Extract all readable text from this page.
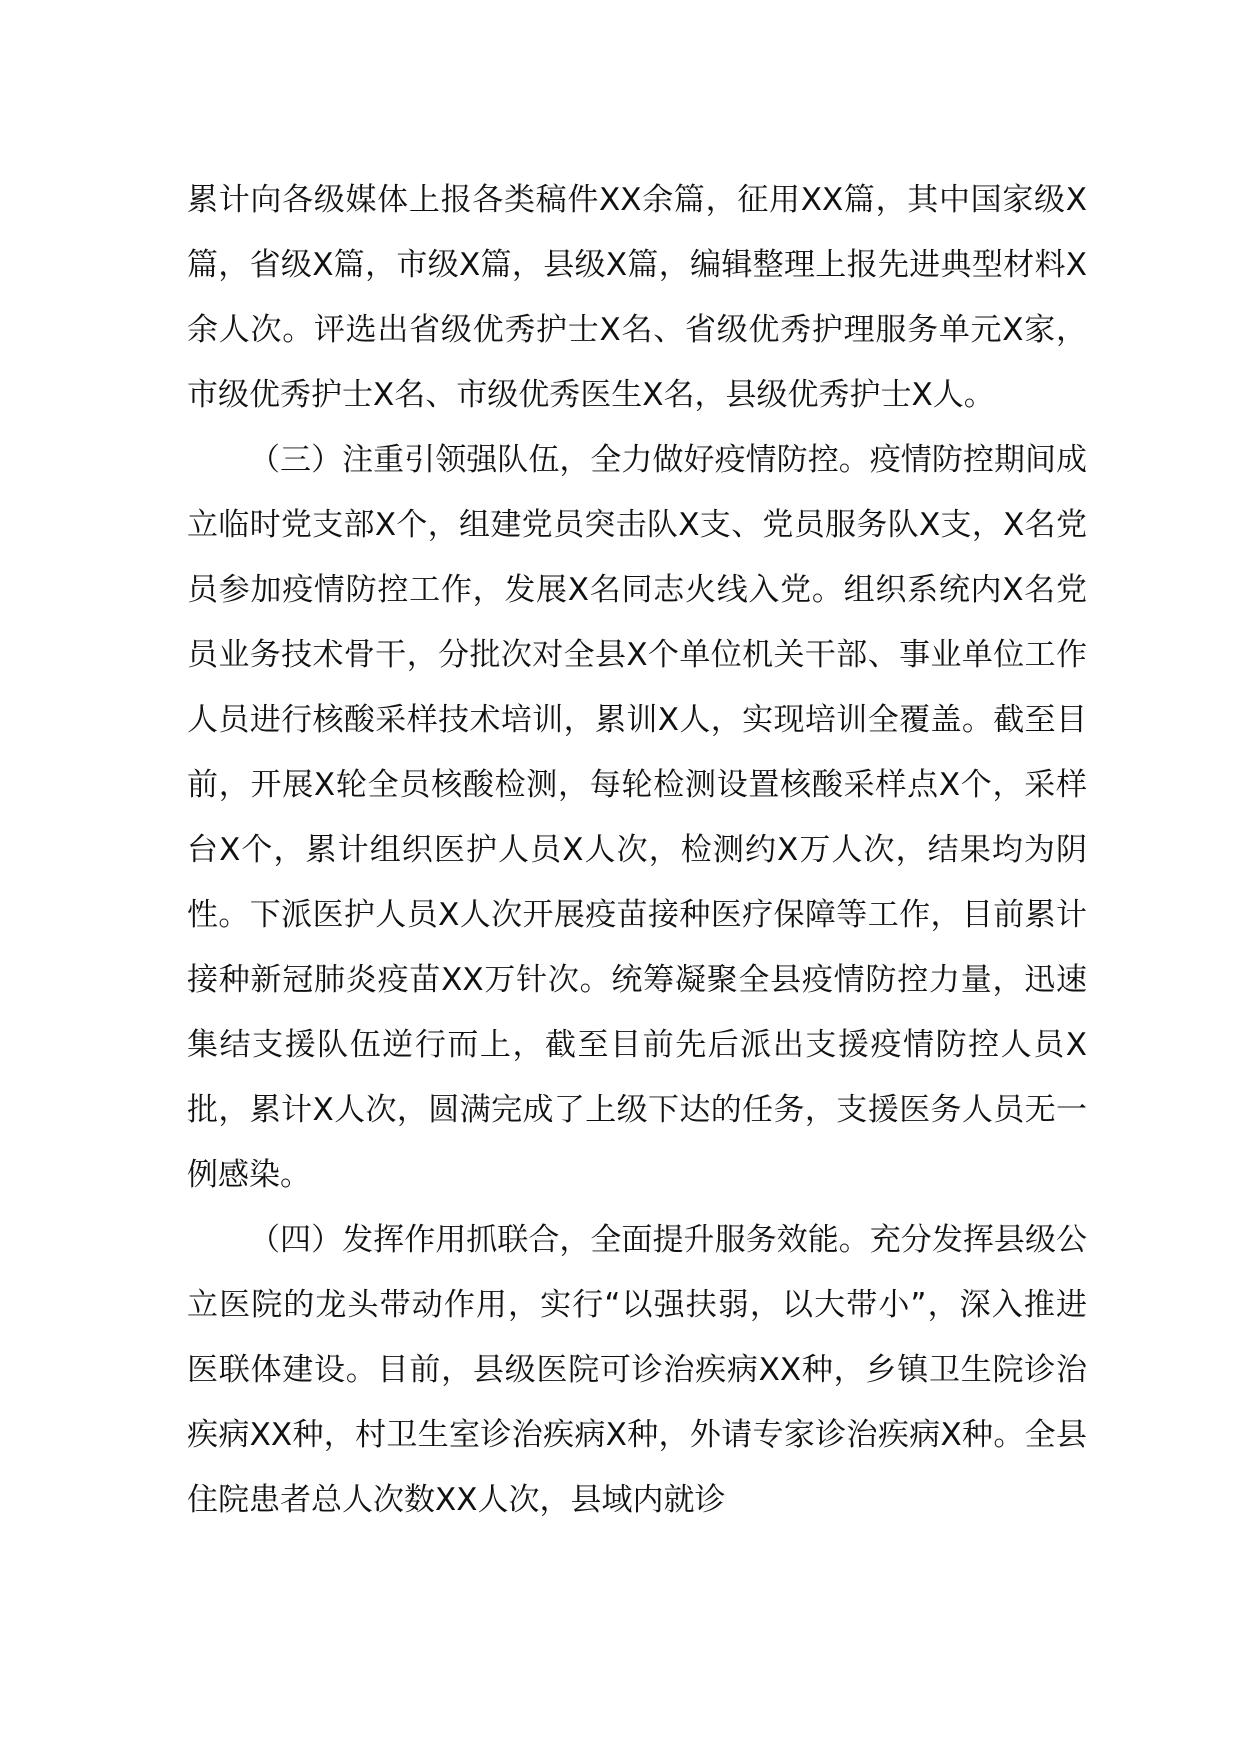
累计向各级媒体上报各类稿件XX余篇，征用XX篇，其中国家级X篇，省级X篇，市级X篇，县级X篇，编辑整理上报先进典型材料X余人次。评选出省级优秀护士X名、省级优秀护理服务单元X家，市级优秀护士X名、市级优秀医生X名，县级优秀护士X人。

（三）注重引领强队伍，全力做好疫情防控。疫情防控期间成立临时党支部X个，组建党员突击队X支、党员服务队X支，X名党员参加疫情防控工作，发展X名同志火线入党。组织系统内X名党员业务技术骨干，分批次对全县X个单位机关干部、事业单位工作人员进行核酸采样技术培训，累训X人，实现培训全覆盖。截至目前，开展X轮全员核酸检测，每轮检测设置核酸采样点X个，采样台X个，累计组织医护人员X人次，检测约X万人次，结果均为阴性。下派医护人员X人次开展疫苗接种医疗保障等工作，目前累计接种新冠肺炎疫苗XX万针次。统筹凝聚全县疫情防控力量，迅速集结支援队伍逆行而上，截至目前先后派出支援疫情防控人员X批，累计X人次，圆满完成了上级下达的任务，支援医务人员无一例感染。

（四）发挥作用抓联合，全面提升服务效能。充分发挥县级公立医院的龙头带动作用，实行“以强扶弱，以大带小”，深入推进医联体建设。目前，县级医院可诊治疾病XX种，乡镇卫生院诊治疾病XX种，村卫生室诊治疾病X种，外请专家诊治疾病X种。全县住院患者总人次数XX人次，县域内就诊
